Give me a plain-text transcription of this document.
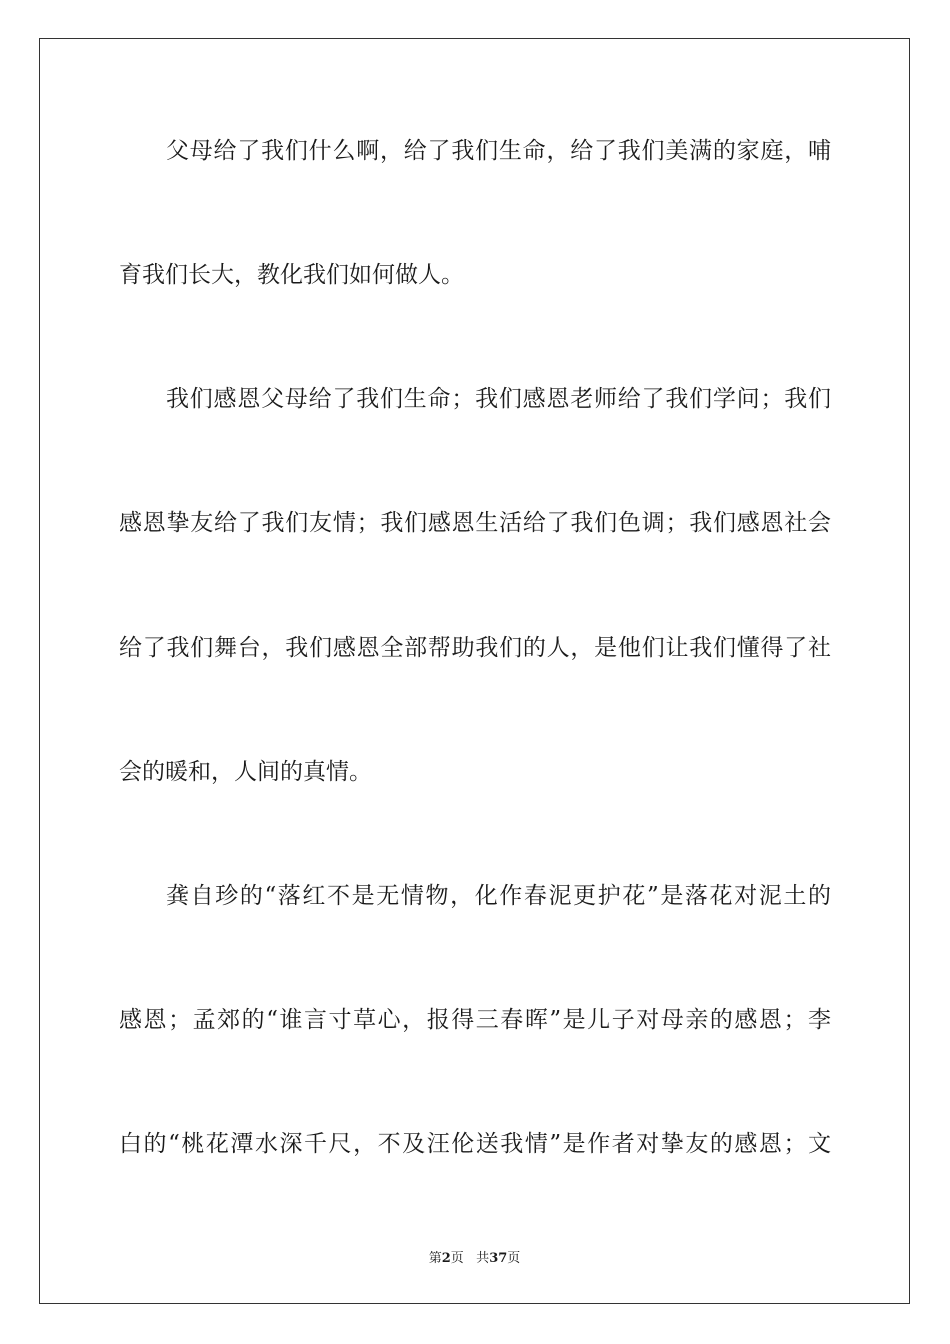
父母给了我们什么啊，给了我们生命，给了我们美满的家庭，哺
育我们长大，教化我们如何做人。
我们感恩父母给了我们生命；我们感恩老师给了我们学问；我们
感恩挚友给了我们友情；我们感恩生活给了我们色调；我们感恩社会
给了我们舞台，我们感恩全部帮助我们的人，是他们让我们懂得了社
会的暖和，人间的真情。
龚自珍的“落红不是无情物，化作春泥更护花”是落花对泥土的
感恩；孟郊的“谁言寸草心，报得三春晖”是儿子对母亲的感恩；李
白的“桃花潭水深千尺，不及汪伦送我情”是作者对挚友的感恩；文
第2页 共37页
